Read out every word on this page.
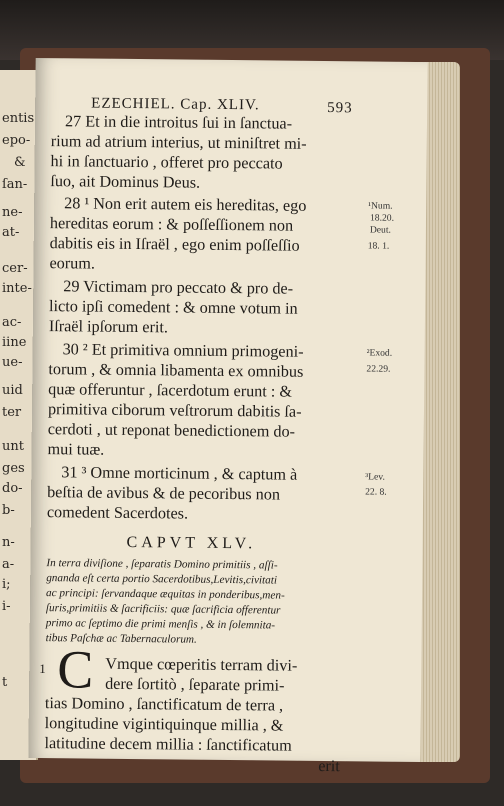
entis
epo-
&
ſan-
ne-
at-
cer-
inte-
ac-
iine
ue-
uid
ter
unt
ges
do-
b-
n-
a-
i;
i-
t
EZECHIEL. Cap. XLIV.	593
27 Et in die introitus ſui in ſanctua-
rium ad atrium interius, ut miniſtret mi-
hi in ſanctuario , offeret pro peccato
ſuo, ait Dominus Deus.
28 ¹ Non erit autem eis hereditas, ego
hereditas eorum : & poſſeſſionem non
dabitis eis in Iſraël , ego enim poſſeſſio
eorum.
29 Victimam pro peccato & pro de-
licto ipſi comedent : & omne votum in
Iſraël ipſorum erit.
30 ² Et primitiva omnium primogeni-
torum , & omnia libamenta ex omnibus
quæ offeruntur , ſacerdotum erunt : &
primitiva ciborum veſtrorum dabitis ſa-
cerdoti , ut reponat benedictionem do-
mui tuæ.
31 ³ Omne morticinum , & captum à
beſtia de avibus & de pecoribus non
comedent Sacerdotes.
¹Num.
18.20.
Deut.
18. 1.
²Exod.
22.29.
³Lev.
22. 8.
CAPVT XLV.
In terra diviſione , ſeparatis Domino primitiis , aſſi-
gnanda eſt certa portio Sacerdotibus,Levitis,civitati
ac principi: ſervandaque æquitas in ponderibus,men-
ſuris,primitiis & ſacrificiis: quæ ſacrificia offerentur
primo ac ſeptimo die primi menſis , & in ſolemnita-
tibus Paſchæ ac Tabernaculorum.
1 C Vmque cœperitis terram divi-
dere ſortitò , ſeparate primi-
tias Domino , ſanctificatum de terra ,
longitudine vigintiquinque millia , &
latitudine decem millia : ſanctificatum
erit
